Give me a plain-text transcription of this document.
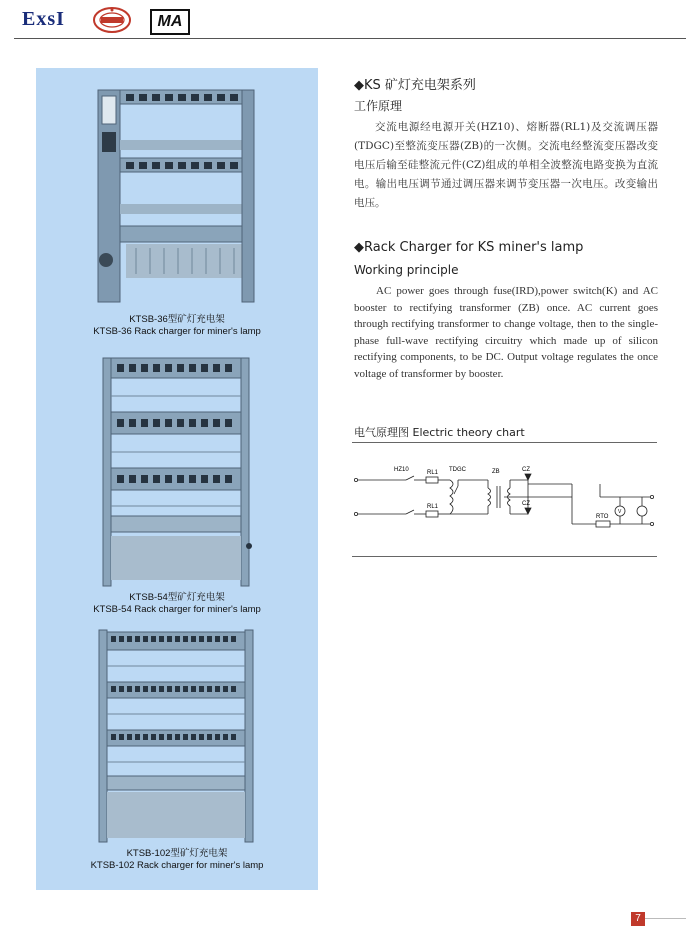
ExsI	MA
KTSB-36型矿灯充电架
KTSB-36 Rack charger for miner's lamp
KTSB-54型矿灯充电架
KTSB-54 Rack charger for miner's lamp
KTSB-102型矿灯充电架
KTSB-102 Rack charger for miner's lamp
◆KS 矿灯充电架系列
工作原理
交流电源经电源开关(HZ10)、熔断器(RL1)及交流调压器(TDGC)至整流变压器(ZB)的一次侧。交流电经整流变压器改变电压后输至硅整流元件(CZ)组成的单相全波整流电路变换为直流电。输出电压调节通过调压器来调节变压器一次电压。改变输出电压。
◆Rack Charger for KS miner's lamp
Working principle
AC power goes through fuse(IRD),power switch(K) and AC booster to rectifying transformer (ZB) once. AC current goes through rectifying transformer to change voltage, then to the single-phase full-wave rectifying circuitry which made up of silicon rectifying components, to be DC. Output voltage regulates the once voltage of transformer by booster.
电气原理图 Electric theory chart
HZ10	RL1
RL1
TDGC	ZB	CZ
CZ
RTO
V
7
